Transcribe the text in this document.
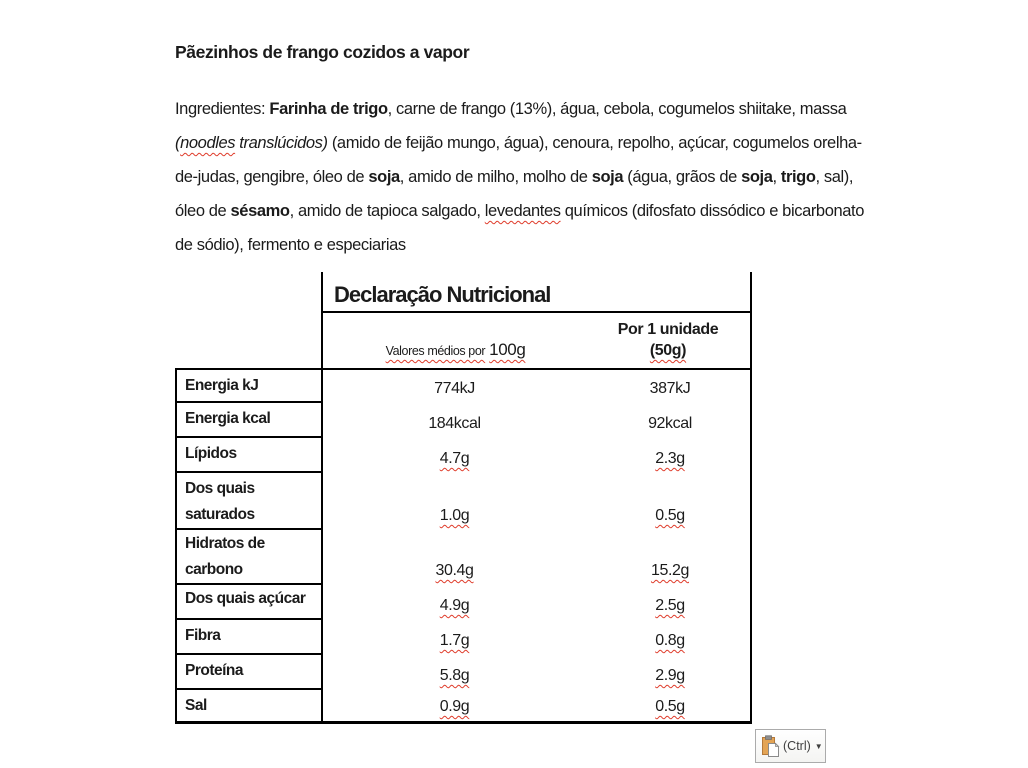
Pãezinhos de frango cozidos a vapor
Ingredientes: Farinha de trigo, carne de frango (13%), água, cebola, cogumelos shiitake, massa (noodles translúcidos) (amido de feijão mungo, água), cenoura, repolho, açúcar, cogumelos orelha-de-judas, gengibre, óleo de soja, amido de milho, molho de soja (água, grãos de soja, trigo, sal), óleo de sésamo, amido de tapioca salgado, levedantes químicos (difosfato dissódico e bicarbonato de sódio), fermento e especiarias
Declaração Nutricional
Valores médios por 100g
Por 1 unidade
(50g)
Energia kJ	774kJ	387kJ
Energia kcal	184kcal	92kcal
Lípidos	4.7g	2.3g
Dos quais saturados	1.0g	0.5g
Hidratos de carbono	30.4g	15.2g
Dos quais açúcar	4.9g	2.5g
Fibra	1.7g	0.8g
Proteína	5.8g	2.9g
Sal	0.9g	0.5g
(Ctrl) ▼
